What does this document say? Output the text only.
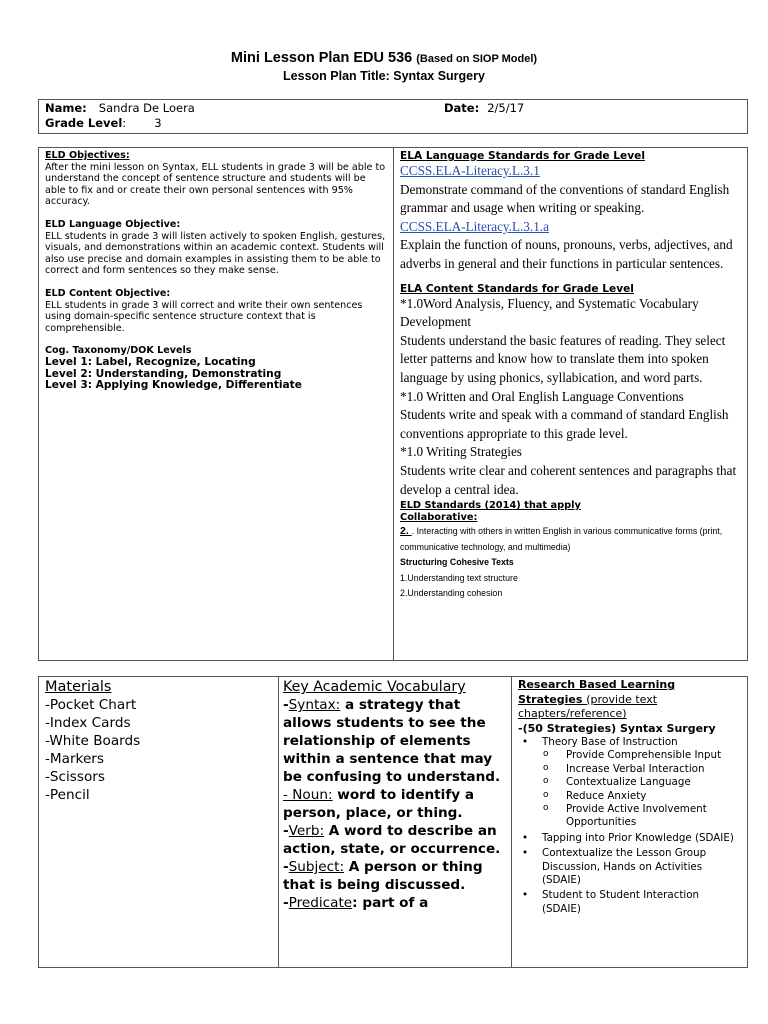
Mini Lesson Plan EDU 536 (Based on SIOP Model)
Lesson Plan Title: Syntax Surgery
Name: Sandra De Loera	Date: 2/5/17
Grade Level: 3
ELD Objectives:
After the mini lesson on Syntax, ELL students in grade 3 will be able to understand the concept of sentence structure and students will be able to fix and or create their own personal sentences with 95% accuracy.
ELD Language Objective:
ELL students in grade 3 will listen actively to spoken English, gestures, visuals, and demonstrations within an academic context. Students will also use precise and domain examples in assisting them to be able to correct and form sentences so they make sense.
ELD Content Objective:
ELL students in grade 3 will correct and write their own sentences using domain-specific sentence structure context that is comprehensible.
Cog. Taxonomy/DOK Levels
Level 1: Label, Recognize, Locating
Level 2: Understanding, Demonstrating
Level 3: Applying Knowledge, Differentiate
ELA Language Standards for Grade Level
CCSS.ELA-Literacy.L.3.1
Demonstrate command of the conventions of standard English grammar and usage when writing or speaking.
CCSS.ELA-Literacy.L.3.1.a
Explain the function of nouns, pronouns, verbs, adjectives, and adverbs in general and their functions in particular sentences.
ELA Content Standards for Grade Level
*1.0Word Analysis, Fluency, and Systematic Vocabulary Development
Students understand the basic features of reading. They select letter patterns and know how to translate them into spoken language by using phonics, syllabication, and word parts.
*1.0 Written and Oral English Language Conventions
Students write and speak with a command of standard English conventions appropriate to this grade level.
*1.0 Writing Strategies
Students write clear and coherent sentences and paragraphs that develop a central idea.
ELD Standards (2014) that apply
Collaborative:
2. . Interacting with others in written English in various communicative forms (print, communicative technology, and multimedia)
Structuring Cohesive Texts
1.Understanding text structure
2.Understanding cohesion
Materials
-Pocket Chart
-Index Cards
-White Boards
-Markers
-Scissors
-Pencil
Key Academic Vocabulary
-Syntax: a strategy that allows students to see the relationship of elements within a sentence that may be confusing to understand.
- Noun: word to identify a person, place, or thing.
-Verb: A word to describe an action, state, or occurrence.
-Subject: A person or thing that is being discussed.
-Predicate: part of a
Research Based Learning Strategies (provide text chapters/reference)
-(50 Strategies) Syntax Surgery
• Theory Base of Instruction
o Provide Comprehensible Input
o Increase Verbal Interaction
o Contextualize Language
o Reduce Anxiety
o Provide Active Involvement Opportunities
• Tapping into Prior Knowledge (SDAIE)
• Contextualize the Lesson Group Discussion, Hands on Activities (SDAIE)
• Student to Student Interaction (SDAIE)
